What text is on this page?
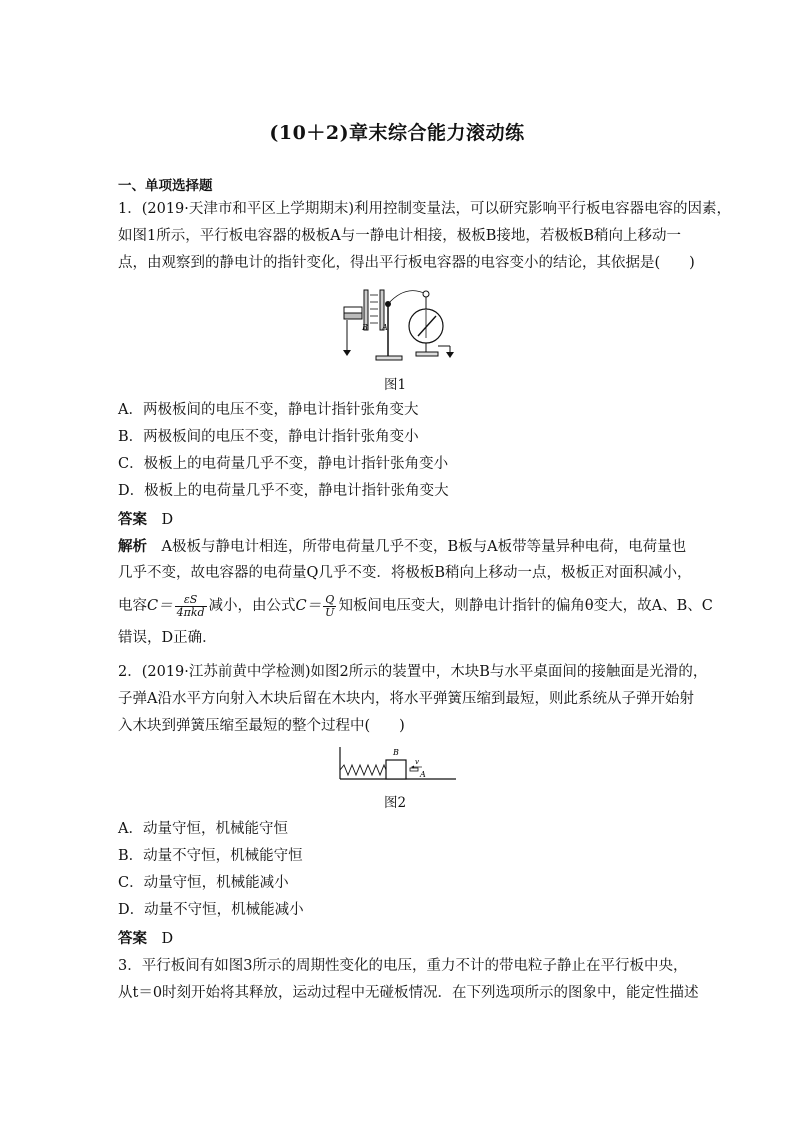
(10＋2)章末综合能力滚动练
一、单项选择题
1．(2019·天津市和平区上学期期末)利用控制变量法，可以研究影响平行板电容器电容的因素，
如图1所示，平行板电容器的极板A与一静电计相接，极板B接地，若极板B稍向上移动一
点，由观察到的静电计的指针变化，得出平行板电容器的电容变小的结论，其依据是(　　)
B A
图1
A．两极板间的电压不变，静电计指针张角变大
B．两极板间的电压不变，静电计指针张角变小
C．极板上的电荷量几乎不变，静电计指针张角变小
D．极板上的电荷量几乎不变，静电计指针张角变大
答案　 D
解析　 A极板与静电计相连，所带电荷量几乎不变，B板与A板带等量异种电荷，电荷量也
几乎不变，故电容器的电荷量Q几乎不变．将极板B稍向上移动一点，极板正对面积减小，
电容$C= \frac{\varepsilon S}{\text{4πkd}}$ 减小，由公式$C= \frac{Q}{U}$ 知板间电压变大，则静电计指针的偏角θ变大，故A、B、C
错误，D正确．
2．(2019·江苏前黄中学检测)如图2所示的装置中，木块B与水平桌面间的接触面是光滑的，
子弹A沿水平方向射入木块后留在木块内，将水平弹簧压缩到最短，则此系统从子弹开始射
入木块到弹簧压缩至最短的整个过程中(　　)
B
v
A
图2
A．动量守恒，机械能守恒
B．动量不守恒，机械能守恒
C．动量守恒，机械能减小
D．动量不守恒，机械能减小
答案　 D
3．平行板间有如图3所示的周期性变化的电压，重力不计的带电粒子静止在平行板中央，
从t＝0时刻开始将其释放，运动过程中无碰板情况．在下列选项所示的图象中，能定性描述
